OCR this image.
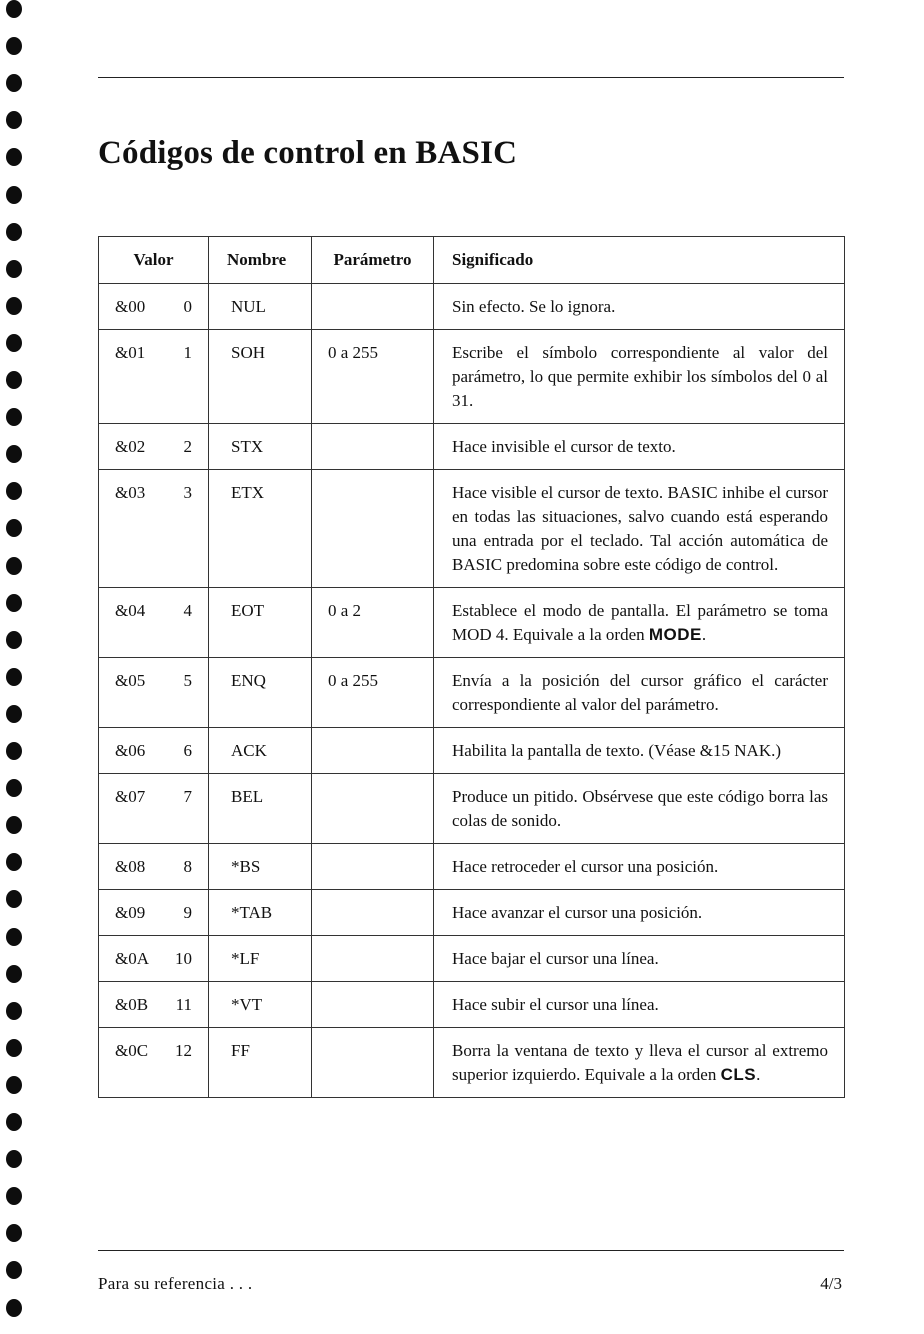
Códigos de control en BASIC
Valor	Nombre	Parámetro	Significado

&00 0	NUL		Sin efecto. Se lo ignora.

&01 1	SOH	0 a 255	Escribe el símbolo correspondiente al valor del parámetro, lo que permite exhibir los símbolos del 0 al 31.

&02 2	STX		Hace invisible el cursor de texto.

&03 3	ETX		Hace visible el cursor de texto. BASIC inhibe el cursor en todas las situaciones, salvo cuando está esperando una entrada por el teclado. Tal acción automática de BASIC predomina sobre este código de control.

&04 4	EOT	0 a 2	Establece el modo de pantalla. El parámetro se toma MOD 4. Equivale a la orden MODE.

&05 5	ENQ	0 a 255	Envía a la posición del cursor gráfico el carácter correspondiente al valor del parámetro.

&06 6	ACK		Habilita la pantalla de texto. (Véase &15 NAK.)

&07 7	BEL		Produce un pitido. Obsérvese que este código borra las colas de sonido.

&08 8	*BS		Hace retroceder el cursor una posición.

&09 9	*TAB		Hace avanzar el cursor una posición.

&0A 10	*LF		Hace bajar el cursor una línea.

&0B 11	*VT		Hace subir el cursor una línea.

&0C 12	FF		Borra la ventana de texto y lleva el cursor al extremo superior izquierdo. Equivale a la orden CLS.
Para su referencia . . .	4/3
